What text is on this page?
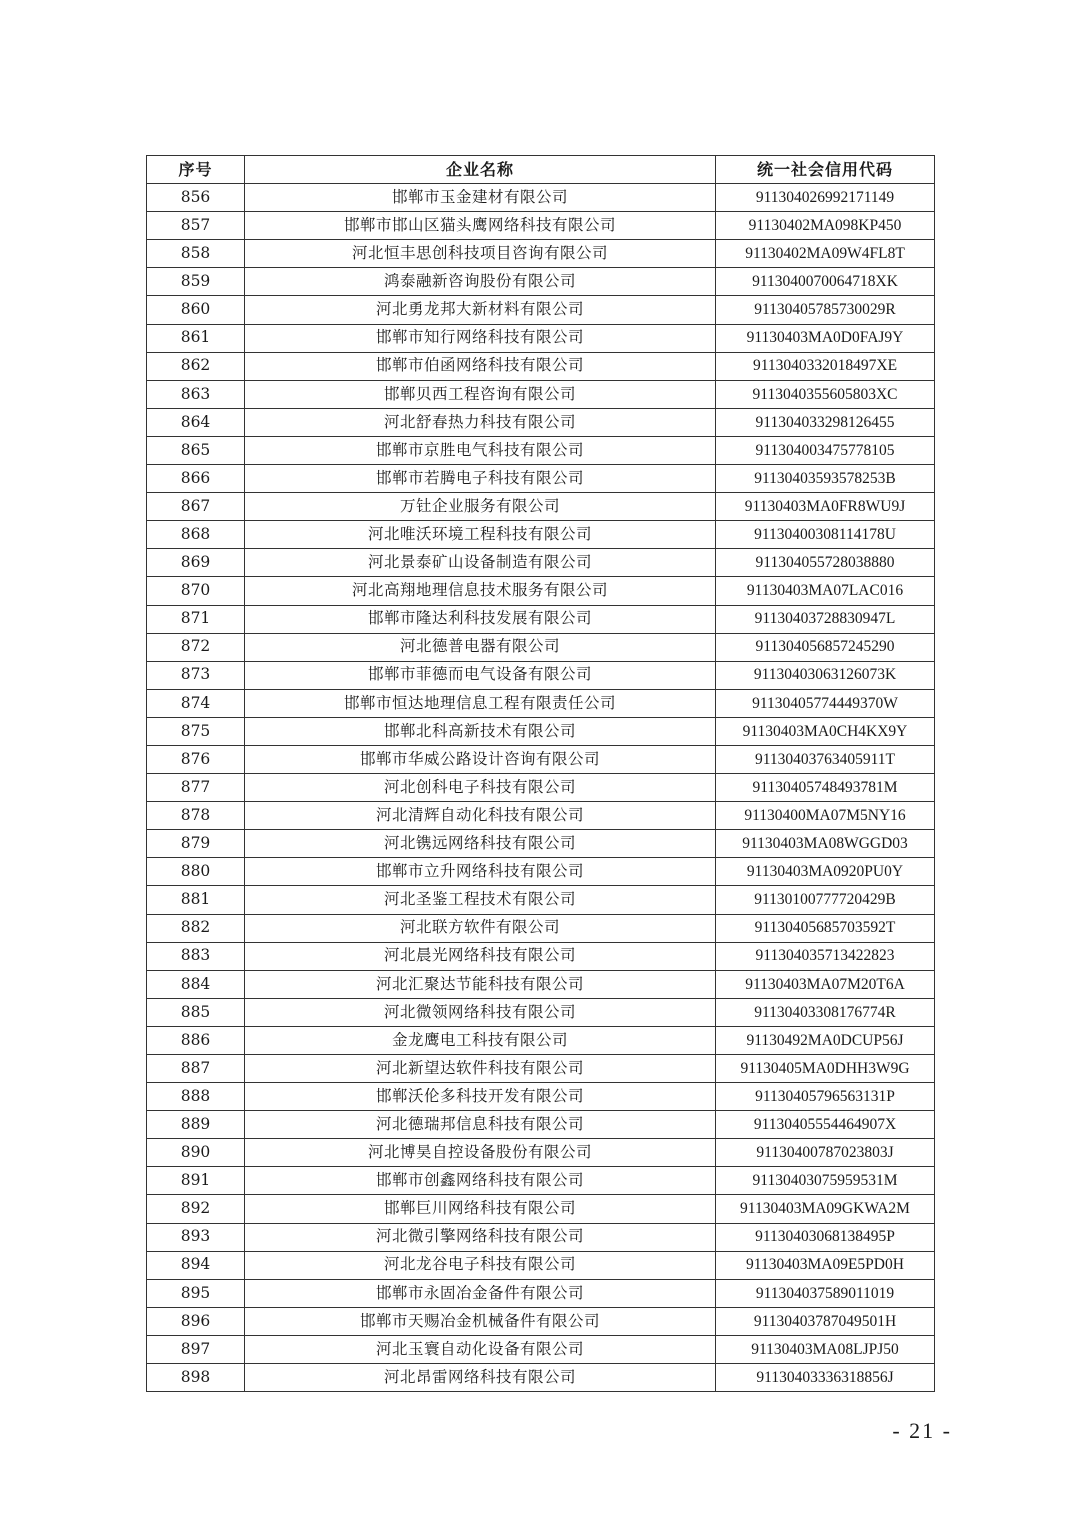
序号	企业名称	统一社会信用代码
856	邯郸市玉金建材有限公司	911304026992171149
857	邯郸市邯山区猫头鹰网络科技有限公司	91130402MA098KP450
858	河北恒丰思创科技项目咨询有限公司	91130402MA09W4FL8T
859	鸿泰融新咨询股份有限公司	9113040070064718XK
860	河北勇龙邦大新材料有限公司	91130405785730029R
861	邯郸市知行网络科技有限公司	91130403MA0D0FAJ9Y
862	邯郸市伯函网络科技有限公司	9113040332018497XE
863	邯郸贝西工程咨询有限公司	9113040355605803XC
864	河北舒春热力科技有限公司	911304033298126455
865	邯郸市京胜电气科技有限公司	911304003475778105
866	邯郸市若腾电子科技有限公司	91130403593578253B
867	万钍企业服务有限公司	91130403MA0FR8WU9J
868	河北唯沃环境工程科技有限公司	91130400308114178U
869	河北景泰矿山设备制造有限公司	911304055728038880
870	河北高翔地理信息技术服务有限公司	91130403MA07LAC016
871	邯郸市隆达利科技发展有限公司	91130403728830947L
872	河北德普电器有限公司	911304056857245290
873	邯郸市菲德而电气设备有限公司	91130403063126073K
874	邯郸市恒达地理信息工程有限责任公司	91130405774449370W
875	邯郸北科高新技术有限公司	91130403MA0CH4KX9Y
876	邯郸市华威公路设计咨询有限公司	91130403763405911T
877	河北创科电子科技有限公司	91130405748493781M
878	河北清辉自动化科技有限公司	91130400MA07M5NY16
879	河北镌远网络科技有限公司	91130403MA08WGGD03
880	邯郸市立升网络科技有限公司	91130403MA0920PU0Y
881	河北圣鉴工程技术有限公司	91130100777720429B
882	河北联方软件有限公司	91130405685703592T
883	河北晨光网络科技有限公司	911304035713422823
884	河北汇聚达节能科技有限公司	91130403MA07M20T6A
885	河北微领网络科技有限公司	91130403308176774R
886	金龙鹰电工科技有限公司	91130492MA0DCUP56J
887	河北新望达软件科技有限公司	91130405MA0DHH3W9G
888	邯郸沃伦多科技开发有限公司	91130405796563131P
889	河北德瑞邦信息科技有限公司	91130405554464907X
890	河北博昊自控设备股份有限公司	91130400787023803J
891	邯郸市创鑫网络科技有限公司	91130403075959531M
892	邯郸巨川网络科技有限公司	91130403MA09GKWA2M
893	河北微引擎网络科技有限公司	91130403068138495P
894	河北龙谷电子科技有限公司	91130403MA09E5PD0H
895	邯郸市永固冶金备件有限公司	911304037589011019
896	邯郸市天赐冶金机械备件有限公司	91130403787049501H
897	河北玉寰自动化设备有限公司	91130403MA08LJPJ50
898	河北昂雷网络科技有限公司	91130403336318856J
- 21 -
